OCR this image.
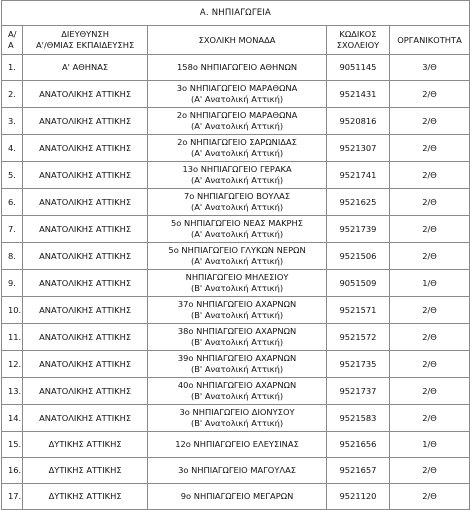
Α. ΝΗΠΙΑΓΩΓΕΙΑ				
Α/Α	ΔΙΕΥΘΥΝΣΗ
Α'/ΘΜΙΑΣ ΕΚΠΑΙΔΕΥΣΗΣ	ΣΧΟΛΙΚΗ ΜΟΝΑΔΑ	ΚΩΔΙΚΟΣ
ΣΧΟΛΕΙΟΥ	ΟΡΓΑΝΙΚΟΤΗΤΑ
1.	Α' ΑΘΗΝΑΣ	158ο ΝΗΠΙΑΓΩΓΕΙΟ ΑΘΗΝΩΝ	9051145	3/Θ
2.	ΑΝΑΤΟΛΙΚΗΣ ΑΤΤΙΚΗΣ	3ο ΝΗΠΙΑΓΩΓΕΙΟ ΜΑΡΑΘΩΝΑ
(Α' Ανατολική Αττική)	9521431	2/Θ
3.	ΑΝΑΤΟΛΙΚΗΣ ΑΤΤΙΚΗΣ	2ο ΝΗΠΙΑΓΩΓΕΙΟ ΜΑΡΑΘΩΝΑ
(Α' Ανατολική Αττική)	9520816	2/Θ
4.	ΑΝΑΤΟΛΙΚΗΣ ΑΤΤΙΚΗΣ	2ο ΝΗΠΙΑΓΩΓΕΙΟ ΣΑΡΩΝΙΔΑΣ
(Α' Ανατολική Αττική)	9521307	2/Θ
5.	ΑΝΑΤΟΛΙΚΗΣ ΑΤΤΙΚΗΣ	13ο ΝΗΠΙΑΓΩΓΕΙΟ ΓΕΡΑΚΑ
(Α' Ανατολική Αττική)	9521741	2/Θ
6.	ΑΝΑΤΟΛΙΚΗΣ ΑΤΤΙΚΗΣ	7ο ΝΗΠΙΑΓΩΓΕΙΟ ΒΟΥΛΑΣ
(Α' Ανατολική Αττική)	9521625	2/Θ
7.	ΑΝΑΤΟΛΙΚΗΣ ΑΤΤΙΚΗΣ	5ο ΝΗΠΙΑΓΩΓΕΙΟ ΝΕΑΣ ΜΑΚΡΗΣ
(Α' Ανατολική Αττική)	9521739	2/Θ
8.	ΑΝΑΤΟΛΙΚΗΣ ΑΤΤΙΚΗΣ	5ο ΝΗΠΙΑΓΩΓΕΙΟ ΓΛΥΚΩΝ ΝΕΡΩΝ
(Α' Ανατολική Αττική)	9521506	2/Θ
9.	ΑΝΑΤΟΛΙΚΗΣ ΑΤΤΙΚΗΣ	ΝΗΠΙΑΓΩΓΕΙΟ ΜΗΛΕΣΙΟΥ
(Β' Ανατολική Αττική)	9051509	1/Θ
10.	ΑΝΑΤΟΛΙΚΗΣ ΑΤΤΙΚΗΣ	37ο ΝΗΠΙΑΓΩΓΕΙΟ ΑΧΑΡΝΩΝ
(Β' Ανατολική Αττική)	9521571	2/Θ
11.	ΑΝΑΤΟΛΙΚΗΣ ΑΤΤΙΚΗΣ	38ο ΝΗΠΙΑΓΩΓΕΙΟ ΑΧΑΡΝΩΝ
(Β' Ανατολική Αττική)	9521572	2/Θ
12.	ΑΝΑΤΟΛΙΚΗΣ ΑΤΤΙΚΗΣ	39ο ΝΗΠΙΑΓΩΓΕΙΟ ΑΧΑΡΝΩΝ
(Β' Ανατολική Αττική)	9521735	2/Θ
13.	ΑΝΑΤΟΛΙΚΗΣ ΑΤΤΙΚΗΣ	40ο ΝΗΠΙΑΓΩΓΕΙΟ ΑΧΑΡΝΩΝ
(Β' Ανατολική Αττική)	9521737	2/Θ
14.	ΑΝΑΤΟΛΙΚΗΣ ΑΤΤΙΚΗΣ	3ο ΝΗΠΙΑΓΩΓΕΙΟ ΔΙΟΝΥΣΟΥ
(Β' Ανατολική Αττική)	9521583	2/Θ
15.	ΔΥΤΙΚΗΣ ΑΤΤΙΚΗΣ	12ο ΝΗΠΙΑΓΩΓΕΙΟ ΕΛΕΥΣΙΝΑΣ	9521656	1/Θ
16.	ΔΥΤΙΚΗΣ ΑΤΤΙΚΗΣ	3ο ΝΗΠΙΑΓΩΓΕΙΟ ΜΑΓΟΥΛΑΣ	9521657	2/Θ
17.	ΔΥΤΙΚΗΣ ΑΤΤΙΚΗΣ	9ο ΝΗΠΙΑΓΩΓΕΙΟ ΜΕΓΑΡΩΝ	9521120	2/Θ
